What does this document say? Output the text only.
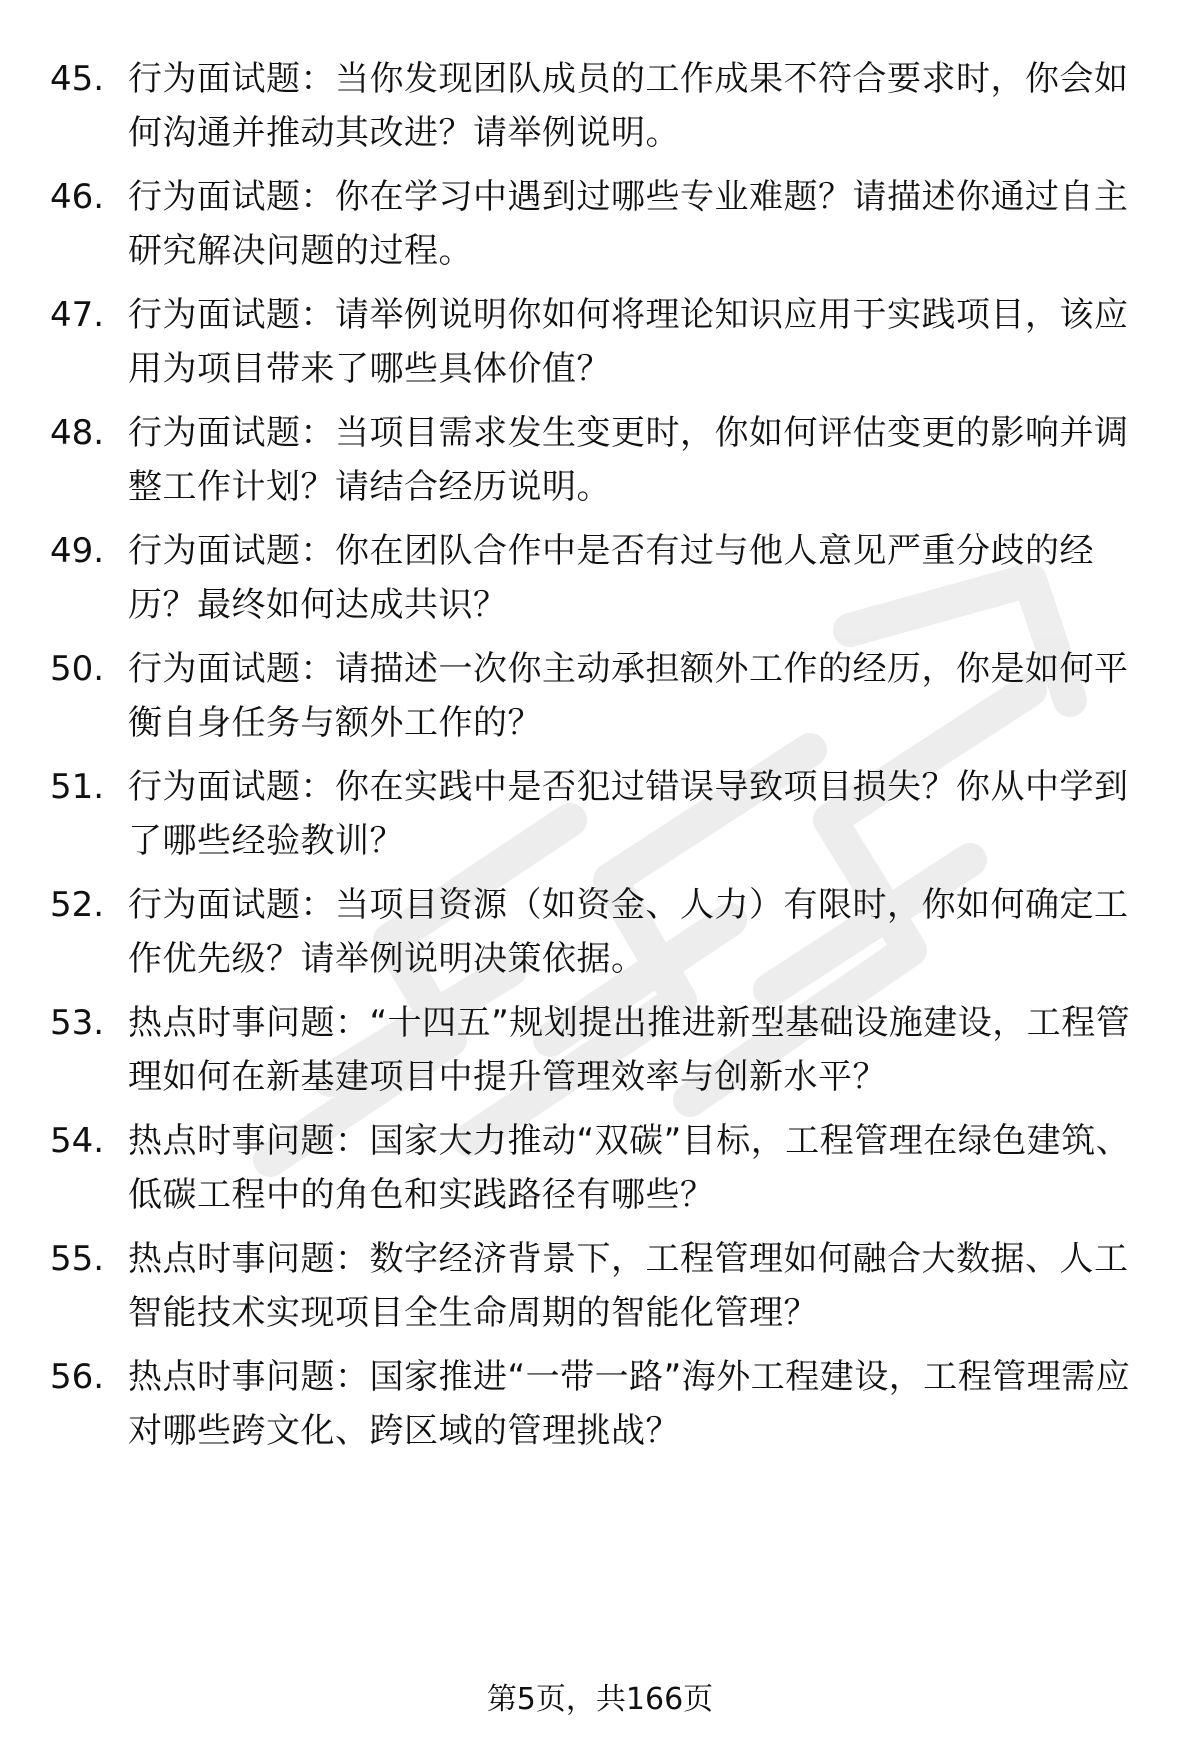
45. 行为面试题：当你发现团队成员的工作成果不符合要求时，你会如何沟通并推动其改进？请举例说明。
46. 行为面试题：你在学习中遇到过哪些专业难题？请描述你通过自主研究解决问题的过程。
47. 行为面试题：请举例说明你如何将理论知识应用于实践项目，该应用为项目带来了哪些具体价值？
48. 行为面试题：当项目需求发生变更时，你如何评估变更的影响并调整工作计划？请结合经历说明。
49. 行为面试题：你在团队合作中是否有过与他人意见严重分歧的经历？最终如何达成共识？
50. 行为面试题：请描述一次你主动承担额外工作的经历，你是如何平衡自身任务与额外工作的？
51. 行为面试题：你在实践中是否犯过错误导致项目损失？你从中学到了哪些经验教训？
52. 行为面试题：当项目资源（如资金、人力）有限时，你如何确定工作优先级？请举例说明决策依据。
53. 热点时事问题：“十四五”规划提出推进新型基础设施建设，工程管理如何在新基建项目中提升管理效率与创新水平？
54. 热点时事问题：国家大力推动“双碳”目标，工程管理在绿色建筑、低碳工程中的角色和实践路径有哪些？
55. 热点时事问题：数字经济背景下，工程管理如何融合大数据、人工智能技术实现项目全生命周期的智能化管理？
56. 热点时事问题：国家推进“一带一路”海外工程建设，工程管理需应对哪些跨文化、跨区域的管理挑战？
第5页，共166页
